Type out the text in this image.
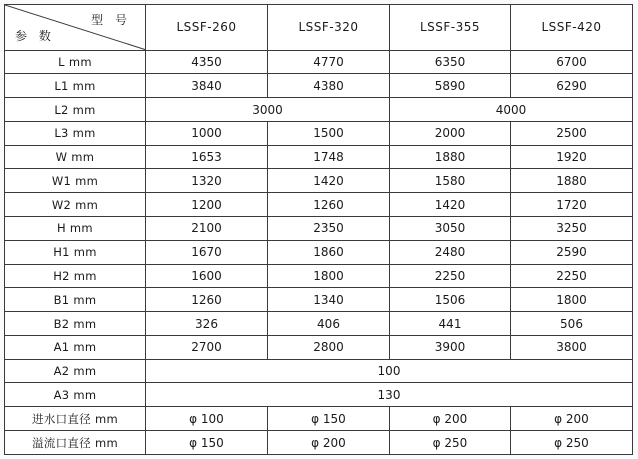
型 号
参 数	LSSF-260	LSSF-320	LSSF-355	LSSF-420
L mm	4350	4770	6350	6700
L1 mm	3840	4380	5890	6290
L2 mm	3000		4000	
L3 mm	1000	1500	2000	2500
W mm	1653	1748	1880	1920
W1 mm	1320	1420	1580	1880
W2 mm	1200	1260	1420	1720
H mm	2100	2350	3050	3250
H1 mm	1670	1860	2480	2590
H2 mm	1600	1800	2250	2250
B1 mm	1260	1340	1506	1800
B2 mm	326	406	441	506
A1 mm	2700	2800	3900	3800
A2 mm	100			
A3 mm	130			
进水口直径 mm	φ 100	φ 150	φ 200	φ 200
溢流口直径 mm	φ 150	φ 200	φ 250	φ 250
